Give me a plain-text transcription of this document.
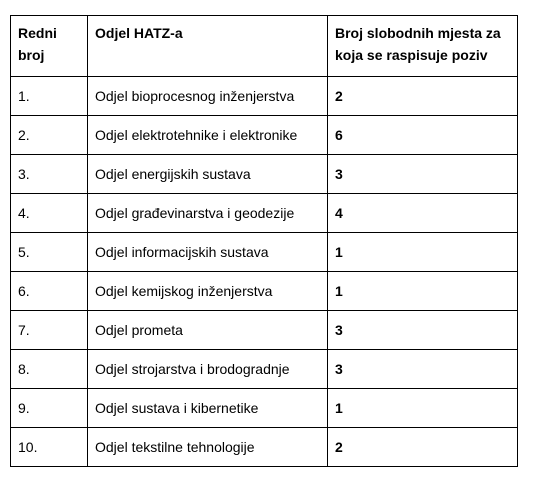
Redni broj	Odjel HATZ-a	Broj slobodnih mjesta za koja se raspisuje poziv
1.	Odjel bioprocesnog inženjerstva	2
2.	Odjel elektrotehnike i elektronike	6
3.	Odjel energijskih sustava	3
4.	Odjel građevinarstva i geodezije	4
5.	Odjel informacijskih sustava	1
6.	Odjel kemijskog inženjerstva	1
7.	Odjel prometa	3
8.	Odjel strojarstva i brodogradnje	3
9.	Odjel sustava i kibernetike	1
10.	Odjel tekstilne tehnologije	2
